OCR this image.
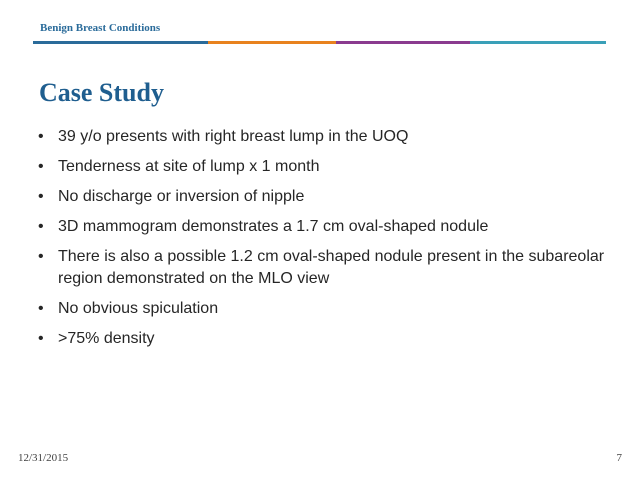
Benign Breast Conditions
Case Study
• 39 y/o presents with right breast lump in the UOQ
• Tenderness at site of lump x 1 month
• No discharge or inversion of nipple
• 3D mammogram demonstrates a 1.7 cm oval-shaped nodule
• There is also a possible 1.2 cm oval-shaped nodule present in the subareolar region demonstrated on the MLO view
• No obvious spiculation
• >75% density
12/31/2015	7
